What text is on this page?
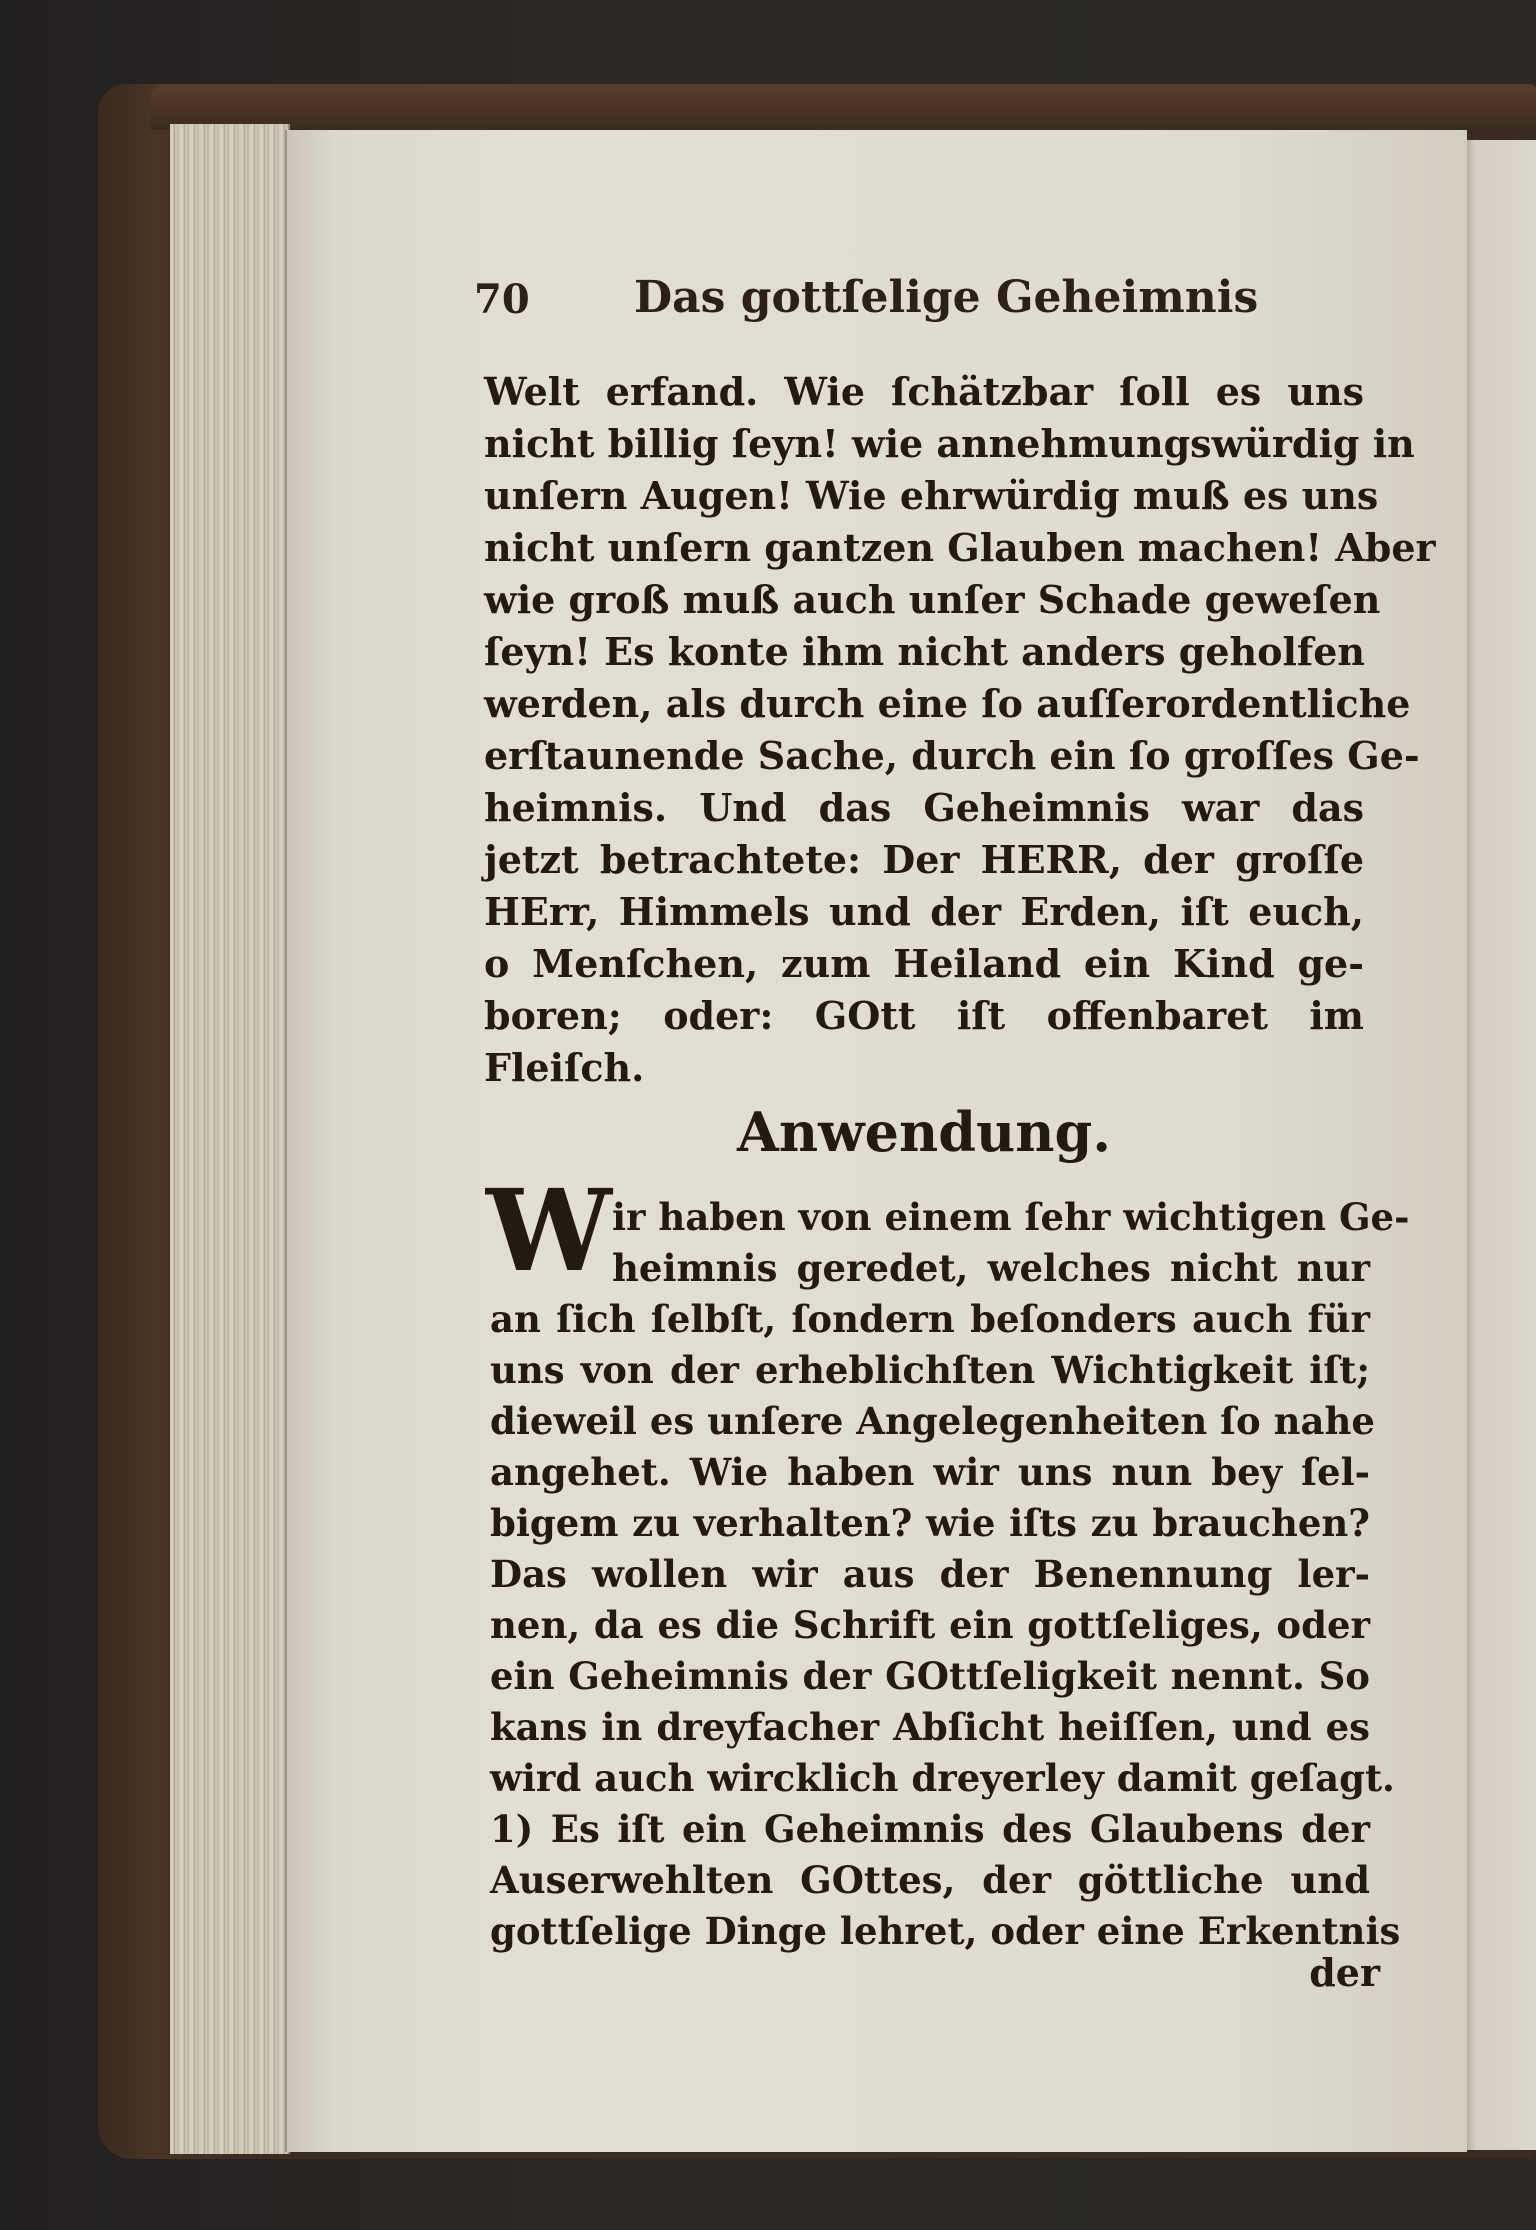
70 Das gottſelige Geheimnis
Welt erfand. Wie ſchätzbar ſoll es uns
nicht billig ſeyn! wie annehmungswürdig in
unſern Augen! Wie ehrwürdig muß es uns
nicht unſern gantzen Glauben machen! Aber
wie groß muß auch unſer Schade geweſen
ſeyn! Es konte ihm nicht anders geholfen
werden, als durch eine ſo auſſerordentliche
erſtaunende Sache, durch ein ſo groſſes Ge-
heimnis. Und das Geheimnis war das
jetzt betrachtete: Der HERR, der groſſe
HErr, Himmels und der Erden, iſt euch,
o Menſchen, zum Heiland ein Kind ge-
boren; oder: GOtt iſt offenbaret im
Fleiſch.
Anwendung.
W ir haben von einem ſehr wichtigen Ge-
heimnis geredet, welches nicht nur
an ſich ſelbſt, ſondern beſonders auch für
uns von der erheblichſten Wichtigkeit iſt;
dieweil es unſere Angelegenheiten ſo nahe
angehet. Wie haben wir uns nun bey ſel-
bigem zu verhalten? wie iſts zu brauchen?
Das wollen wir aus der Benennung ler-
nen, da es die Schrift ein gottſeliges, oder
ein Geheimnis der GOttſeligkeit nennt. So
kans in dreyfacher Abſicht heiſſen, und es
wird auch wircklich dreyerley damit geſagt.
1) Es iſt ein Geheimnis des Glaubens der
Auserwehlten GOttes, der göttliche und
gottſelige Dinge lehret, oder eine Erkentnis
der
